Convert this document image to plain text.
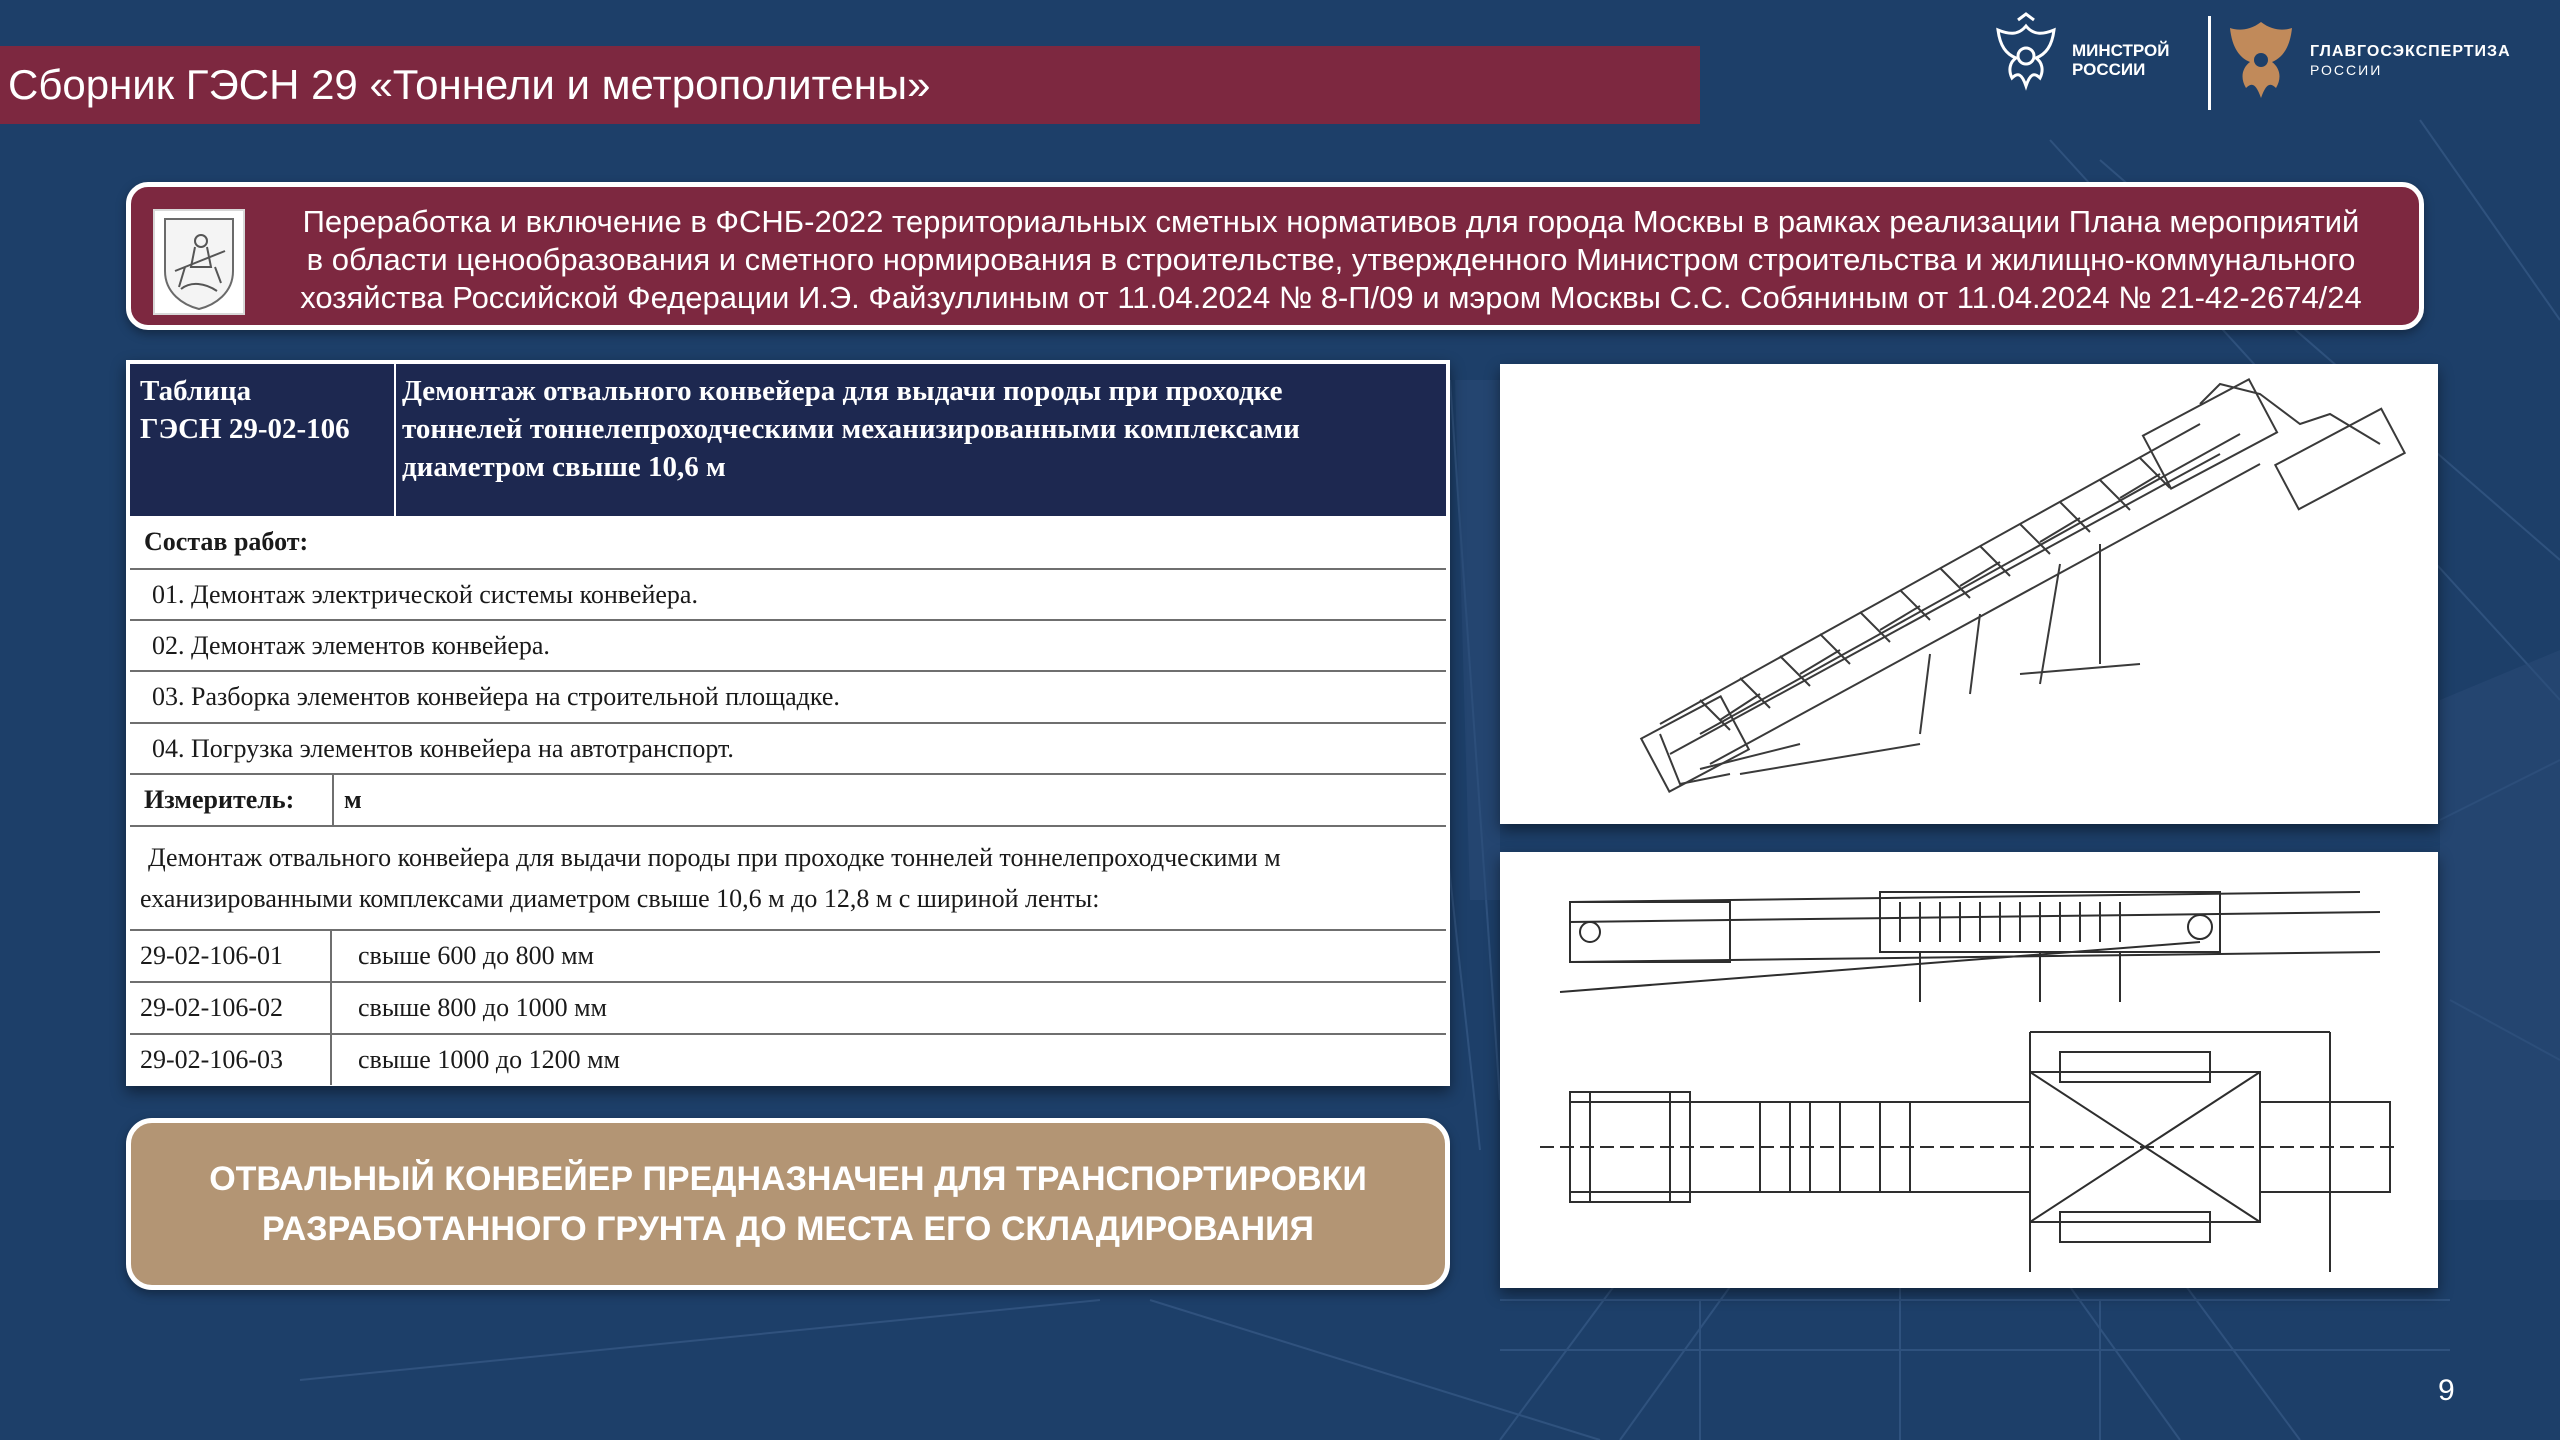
Сборник ГЭСН 29 «Тоннели и метрополитены»
МИНСТРОЙ
РОССИИ
ГЛАВГОСЭКСПЕРТИЗА
РОССИИ
Переработка и включение в ФСНБ-2022 территориальных сметных нормативов для города Москвы в рамках реализации Плана мероприятий
в области ценообразования и сметного нормирования в строительстве, утвержденного Министром строительства и жилищно-коммунального
хозяйства Российской Федерации И.Э. Файзуллиным от 11.04.2024 № 8-П/09 и мэром Москвы С.С. Собяниным от 11.04.2024 № 21-42-2674/24
Таблица
ГЭСН 29-02-106
Демонтаж отвального конвейера для выдачи породы при проходке
тоннелей тоннелепроходческими механизированными комплексами
диаметром свыше 10,6 м
Состав работ:
01. Демонтаж электрической системы конвейера.
02. Демонтаж элементов конвейера.
03. Разборка элементов конвейера на строительной площадке.
04. Погрузка элементов конвейера на автотранспорт.
Измеритель: м
Демонтаж отвального конвейера для выдачи породы при проходке тоннелей тоннелепроходческими м
еханизированными комплексами диаметром свыше 10,6 м до 12,8 м с шириной ленты:
29-02-106-01	свыше 600 до 800 мм
29-02-106-02	свыше 800 до 1000 мм
29-02-106-03	свыше 1000 до 1200 мм
ОТВАЛЬНЫЙ КОНВЕЙЕР ПРЕДНАЗНАЧЕН ДЛЯ ТРАНСПОРТИРОВКИ
РАЗРАБОТАННОГО ГРУНТА ДО МЕСТА ЕГО СКЛАДИРОВАНИЯ
9
